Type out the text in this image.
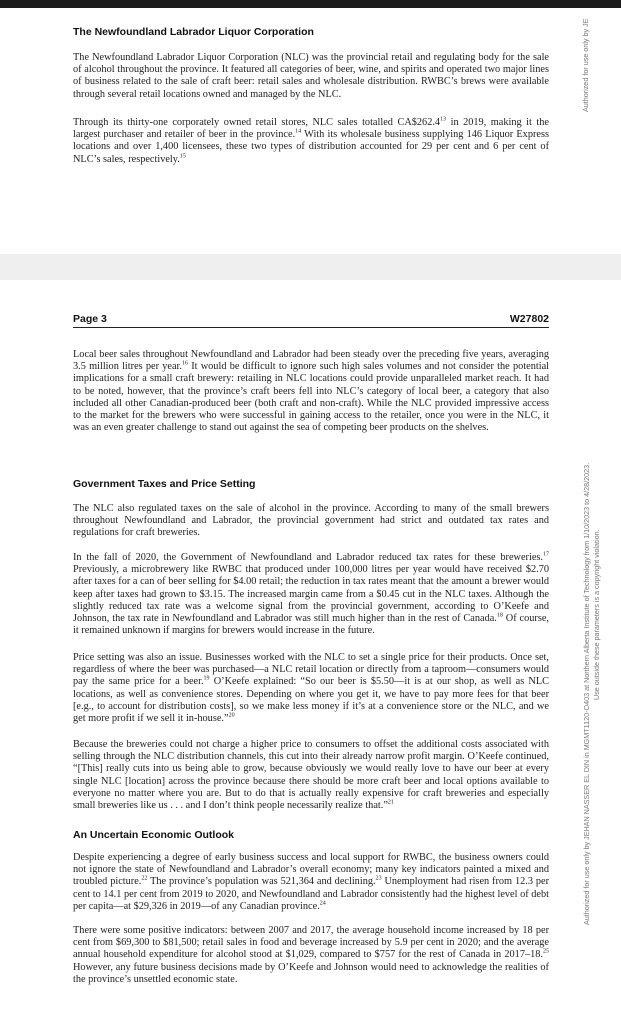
The Newfoundland Labrador Liquor Corporation

The Newfoundland Labrador Liquor Corporation (NLC) was the provincial retail and regulating body for the sale of alcohol throughout the province. It featured all categories of beer, wine, and spirits and operated two major lines of business related to the sale of craft beer: retail sales and wholesale distribution. RWBC’s brews were available through several retail locations owned and managed by the NLC.

Through its thirty-one corporately owned retail stores, NLC sales totalled CA$262.4$^{13}$ in 2019, making it the largest purchaser and retailer of beer in the province.$^{14}$ With its wholesale business supplying 146 Liquor Express locations and over 1,400 licensees, these two types of distribution accounted for 29 per cent and 6 per cent of NLC’s sales, respectively.$^{15}$

Authorized for use only by JE
Page 3	W27802

Local beer sales throughout Newfoundland and Labrador had been steady over the preceding five years, averaging 3.5 million litres per year.$^{16}$ It would be difficult to ignore such high sales volumes and not consider the potential implications for a small craft brewery: retailing in NLC locations could provide unparalleled market reach. It had to be noted, however, that the province’s craft beers fell into NLC’s category of local beer, a category that also included all other Canadian-produced beer (both craft and non-craft). While the NLC provided impressive access to the market for the brewers who were successful in gaining access to the retailer, once you were in the NLC, it was an even greater challenge to stand out against the sea of competing beer products on the shelves.

Government Taxes and Price Setting

The NLC also regulated taxes on the sale of alcohol in the province. According to many of the small brewers throughout Newfoundland and Labrador, the provincial government had strict and outdated tax rates and regulations for craft breweries.

In the fall of 2020, the Government of Newfoundland and Labrador reduced tax rates for these breweries.$^{17}$ Previously, a microbrewery like RWBC that produced under 100,000 litres per year would have received $2.70 after taxes for a can of beer selling for $4.00 retail; the reduction in tax rates meant that the amount a brewer would keep after taxes had grown to $3.15. The increased margin came from a $0.45 cut in the NLC taxes. Although the slightly reduced tax rate was a welcome signal from the provincial government, according to O’Keefe and Johnson, the tax rate in Newfoundland and Labrador was still much higher than in the rest of Canada.$^{18}$ Of course, it remained unknown if margins for brewers would increase in the future.

Price setting was also an issue. Businesses worked with the NLC to set a single price for their products. Once set, regardless of where the beer was purchased—a NLC retail location or directly from a taproom—consumers would pay the same price for a beer.$^{19}$ O’Keefe explained: “So our beer is $5.50—it is at our shop, as well as NLC locations, as well as convenience stores. Depending on where you get it, we have to pay more fees for that beer [e.g., to account for distribution costs], so we make less money if it’s at a convenience store or the NLC, and we get more profit if we sell it in-house.”$^{20}$

Because the breweries could not charge a higher price to consumers to offset the additional costs associated with selling through the NLC distribution channels, this cut into their already narrow profit margin. O’Keefe continued, “[This] really cuts into us being able to grow, because obviously we would really love to have our beer at every single NLC [location] across the province because there should be more craft beer and local options available to everyone no matter where you are. But to do that is actually really expensive for craft breweries and especially small breweries like us . . . and I don’t think people necessarily realize that.”$^{21}$

An Uncertain Economic Outlook

Despite experiencing a degree of early business success and local support for RWBC, the business owners could not ignore the state of Newfoundland and Labrador’s overall economy; many key indicators painted a mixed and troubled picture.$^{22}$ The province’s population was 521,364 and declining.$^{23}$ Unemployment had risen from 12.3 per cent to 14.1 per cent from 2019 to 2020, and Newfoundland and Labrador consistently had the highest level of debt per capita—at $29,326 in 2019—of any Canadian province.$^{24}$

There were some positive indicators: between 2007 and 2017, the average household income increased by 18 per cent from $69,300 to $81,500; retail sales in food and beverage increased by 5.9 per cent in 2020; and the average annual household expenditure for alcohol stood at $1,029, compared to $757 for the rest of Canada in 2017–18.25 However, any future business decisions made by O’Keefe and Johnson would need to acknowledge the realities of the province’s unsettled economic state.

Authorized for use only by JEHAN NASSER EL DIN in MGMT1120-O403 at Northern Alberta Institute of Technology from 1/10/2023 to 4/28/2023. Use outside these parameters is a copyright violation.
